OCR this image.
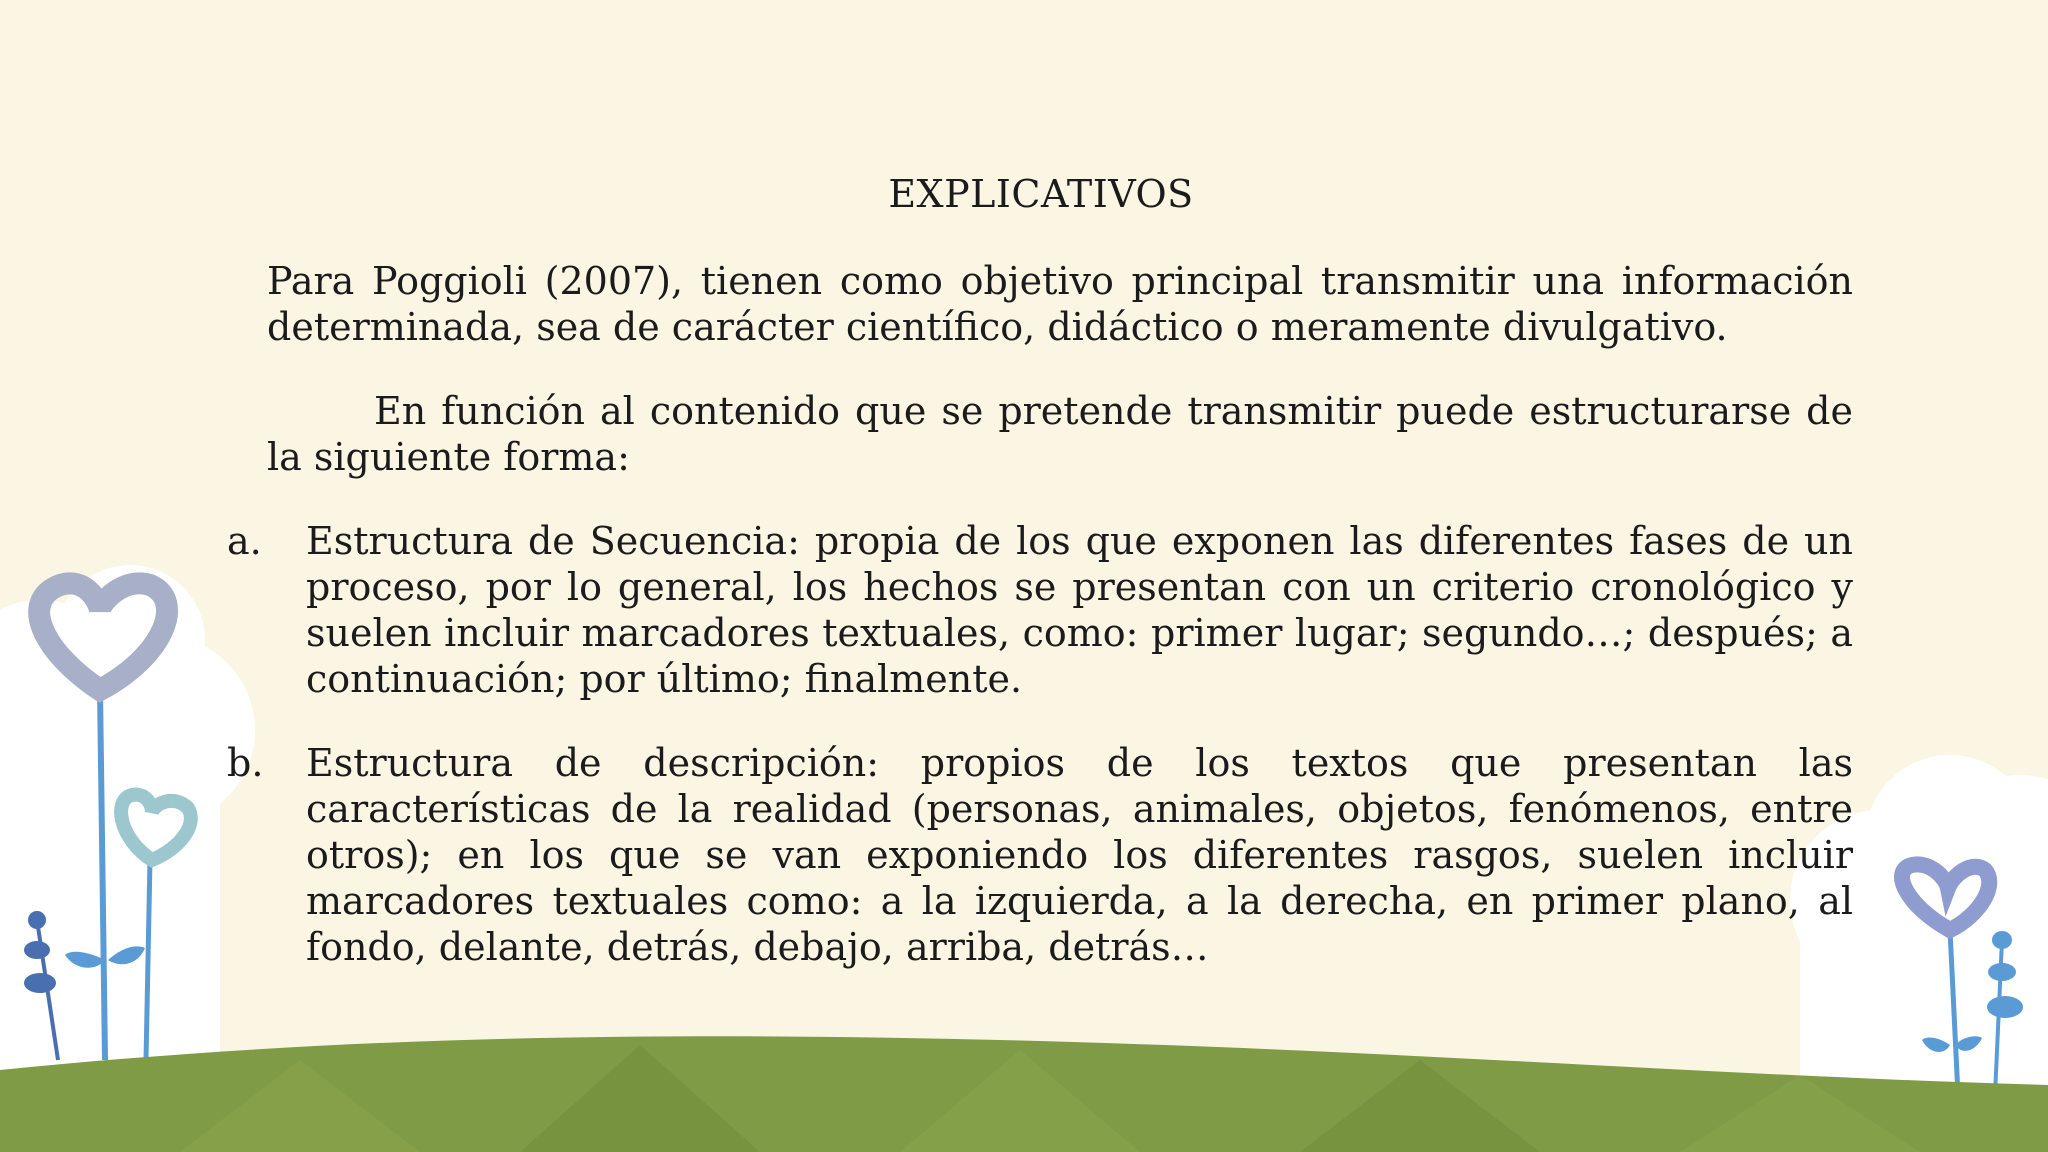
EXPLICATIVOS

Para Poggioli (2007), tienen como objetivo principal transmitir una información determinada, sea de carácter científico, didáctico o meramente divulgativo.

En función al contenido que se pretende transmitir puede estructurarse de la siguiente forma:

a. Estructura de Secuencia: propia de los que exponen las diferentes fases de un proceso, por lo general, los hechos se presentan con un criterio cronológico y suelen incluir marcadores textuales, como: primer lugar; segundo…; después; a continuación; por último; finalmente.
b. Estructura de descripción: propios de los textos que presentan las características de la realidad (personas, animales, objetos, fenómenos, entre otros); en los que se van exponiendo los diferentes rasgos, suelen incluir marcadores textuales como: a la izquierda, a la derecha, en primer plano, al fondo, delante, detrás, debajo, arriba, detrás…
